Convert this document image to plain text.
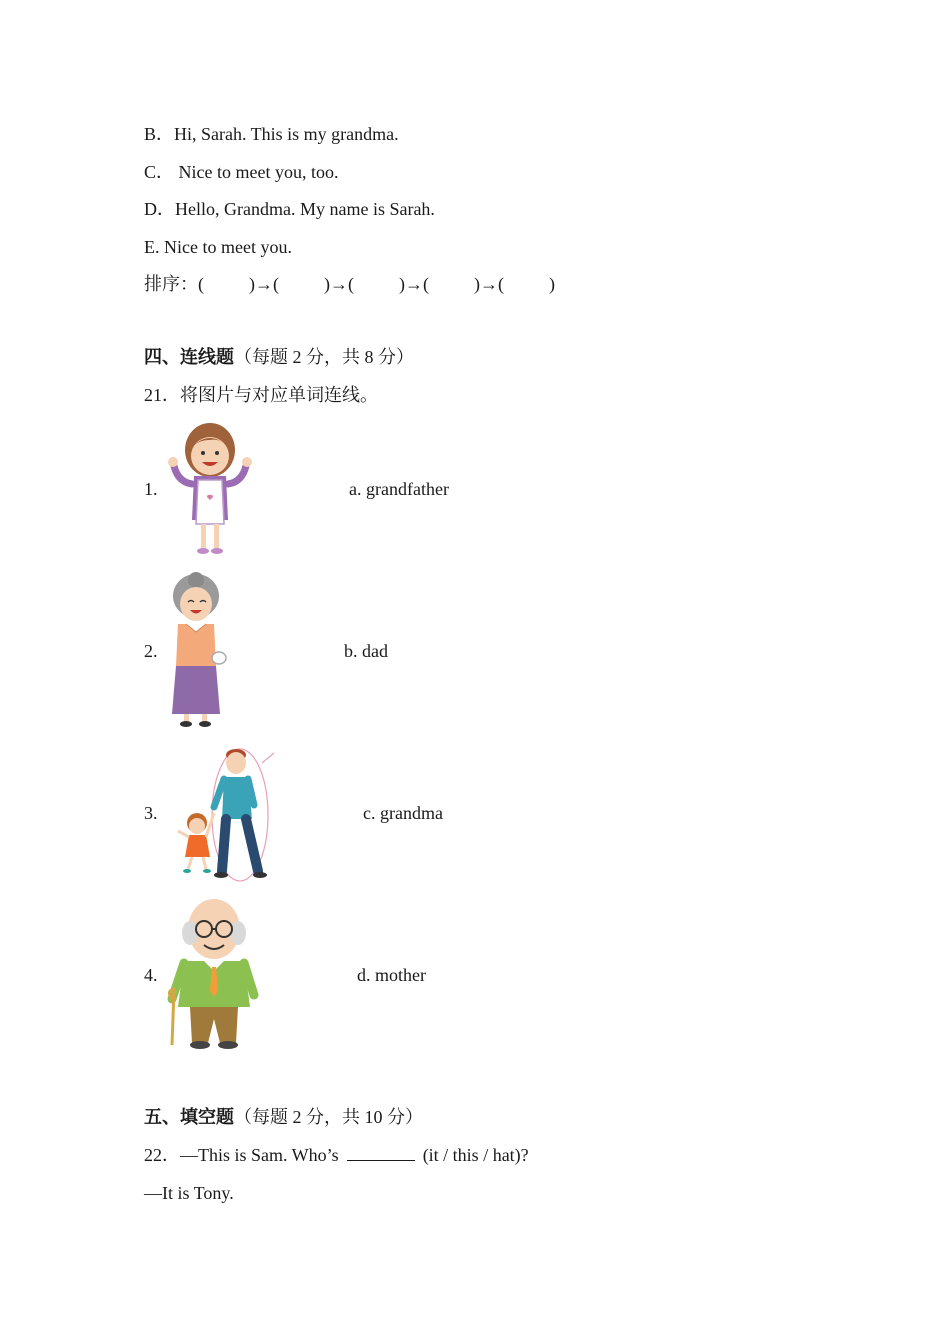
B．Hi, Sarah. This is my grandma.
C． Nice to meet you, too.
D．Hello, Grandma. My name is Sarah.
E. Nice to meet you.
排序：(          )→(          )→(          )→(          )→(          )
四、连线题（每题 2 分，共 8 分）
21．将图片与对应单词连线。
1.	a. grandfather
2.	b. dad
3.	c. grandma
4.	d. mother
五、填空题（每题 2 分，共 10 分）
22．—This is Sam. Who’s	(it / this / hat)?
—It is Tony.
